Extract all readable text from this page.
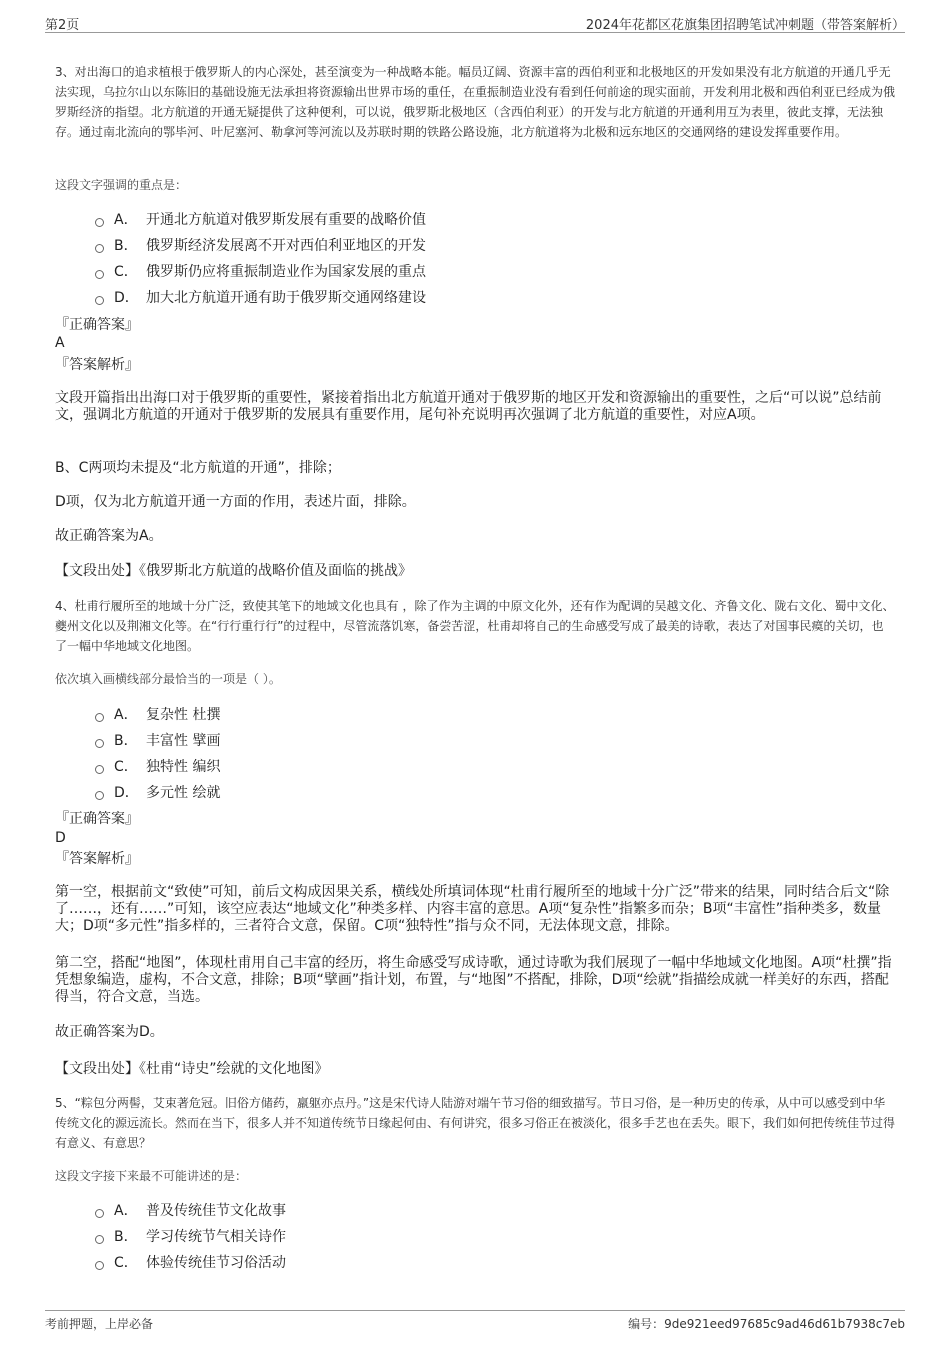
第2页	2024年花都区花旗集团招聘笔试冲刺题（带答案解析）
3、对出海口的追求植根于俄罗斯人的内心深处，甚至演变为一种战略本能。幅员辽阔、资源丰富的西伯利亚和北极地区的开发如果没有北方航道的开通几乎无法实现，乌拉尔山以东陈旧的基础设施无法承担将资源输出世界市场的重任，在重振制造业没有看到任何前途的现实面前，开发利用北极和西伯利亚已经成为俄罗斯经济的指望。北方航道的开通无疑提供了这种便利，可以说，俄罗斯北极地区（含西伯利亚）的开发与北方航道的开通利用互为表里，彼此支撑，无法独存。通过南北流向的鄂毕河、叶尼塞河、勒拿河等河流以及苏联时期的铁路公路设施，北方航道将为北极和远东地区的交通网络的建设发挥重要作用。
这段文字强调的重点是：
A． 开通北方航道对俄罗斯发展有重要的战略价值
B． 俄罗斯经济发展离不开对西伯利亚地区的开发
C． 俄罗斯仍应将重振制造业作为国家发展的重点
D． 加大北方航道开通有助于俄罗斯交通网络建设
『正确答案』
A
『答案解析』
文段开篇指出出海口对于俄罗斯的重要性，紧接着指出北方航道开通对于俄罗斯的地区开发和资源输出的重要性，之后“可以说”总结前文，强调北方航道的开通对于俄罗斯的发展具有重要作用，尾句补充说明再次强调了北方航道的重要性，对应A项。
B、C两项均未提及“北方航道的开通”，排除；
D项，仅为北方航道开通一方面的作用，表述片面，排除。
故正确答案为A。
【文段出处】《俄罗斯北方航道的战略价值及面临的挑战》
4、杜甫行履所至的地域十分广泛，致使其笔下的地域文化也具有 ，除了作为主调的中原文化外，还有作为配调的吴越文化、齐鲁文化、陇右文化、蜀中文化、夔州文化以及荆湘文化等。在“行行重行行”的过程中，尽管流落饥寒，备尝苦涩，杜甫却将自己的生命感受写成了最美的诗歌，表达了对国事民瘼的关切，也 了一幅中华地域文化地图。
依次填入画横线部分最恰当的一项是（ ）。
A． 复杂性 杜撰
B． 丰富性 擘画
C． 独特性 编织
D． 多元性 绘就
『正确答案』
D
『答案解析』
第一空，根据前文“致使”可知，前后文构成因果关系，横线处所填词体现“杜甫行履所至的地域十分广泛”带来的结果，同时结合后文“除了……，还有……”可知，该空应表达“地域文化”种类多样、内容丰富的意思。A项“复杂性”指繁多而杂；B项“丰富性”指种类多，数量大；D项“多元性”指多样的，三者符合文意，保留。C项“独特性”指与众不同，无法体现文意，排除。
第二空，搭配“地图”，体现杜甫用自己丰富的经历，将生命感受写成诗歌，通过诗歌为我们展现了一幅中华地域文化地图。A项“杜撰”指凭想象编造，虚构，不合文意，排除；B项“擘画”指计划，布置，与“地图”不搭配，排除，D项“绘就”指描绘成就一样美好的东西，搭配得当，符合文意，当选。
故正确答案为D。
【文段出处】《杜甫“诗史”绘就的文化地图》
5、“粽包分两髻，艾束著危冠。旧俗方储药，羸躯亦点丹。”这是宋代诗人陆游对端午节习俗的细致描写。节日习俗，是一种历史的传承，从中可以感受到中华传统文化的源远流长。然而在当下，很多人并不知道传统节日缘起何由、有何讲究，很多习俗正在被淡化，很多手艺也在丢失。眼下，我们如何把传统佳节过得有意义、有意思？
这段文字接下来最不可能讲述的是：
A． 普及传统佳节文化故事
B． 学习传统节气相关诗作
C． 体验传统佳节习俗活动
考前押题，上岸必备	编号：9de921eed97685c9ad46d61b7938c7eb
